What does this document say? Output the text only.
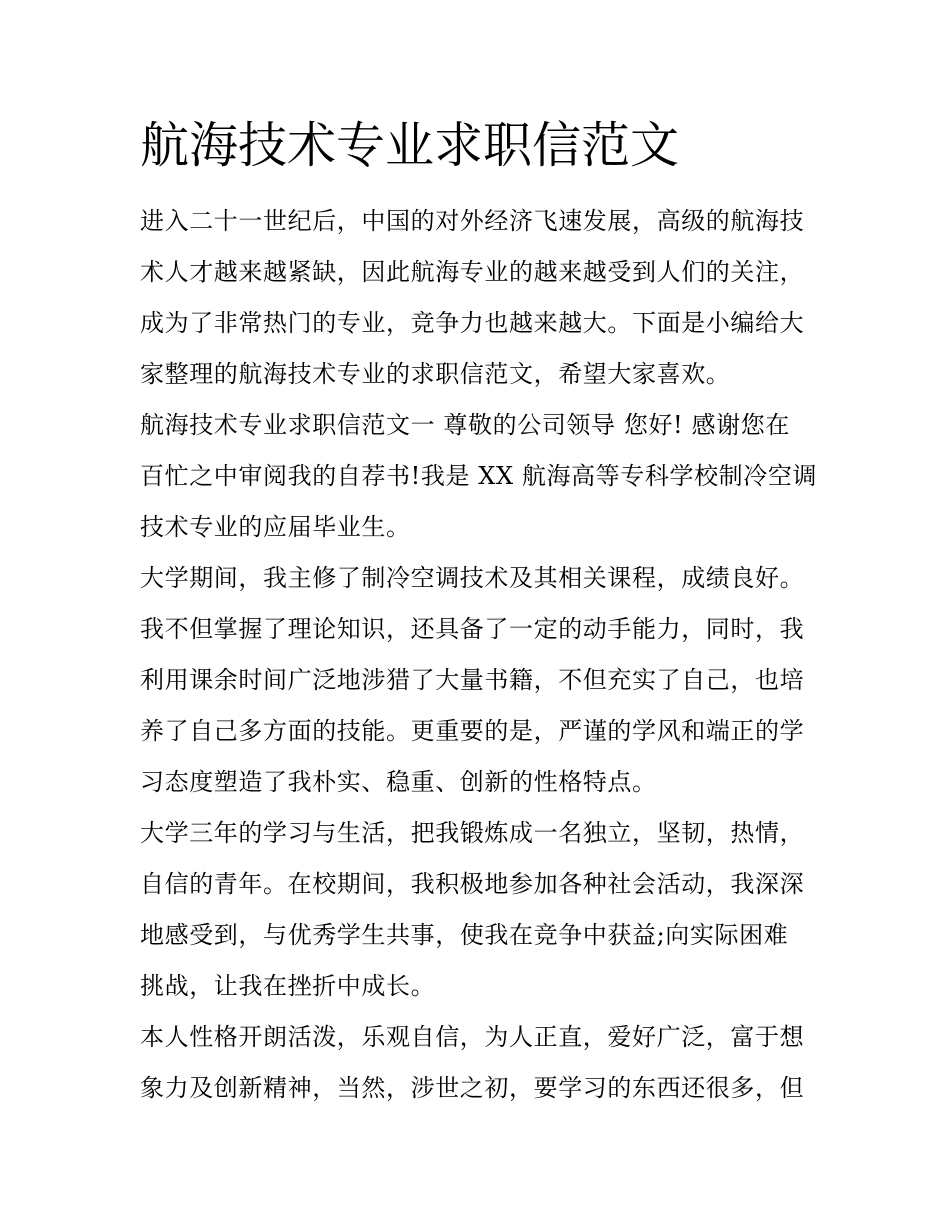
航海技术专业求职信范文
进入二十一世纪后，中国的对外经济飞速发展，高级的航海技
术人才越来越紧缺，因此航海专业的越来越受到人们的关注，
成为了非常热门的专业，竞争力也越来越大。下面是小编给大
家整理的航海技术专业的求职信范文，希望大家喜欢。
航海技术专业求职信范文一 尊敬的公司领导 您好! 感谢您在
百忙之中审阅我的自荐书!我是 XX 航海高等专科学校制冷空调
技术专业的应届毕业生。
大学期间，我主修了制冷空调技术及其相关课程，成绩良好。
我不但掌握了理论知识，还具备了一定的动手能力，同时，我
利用课余时间广泛地涉猎了大量书籍，不但充实了自己，也培
养了自己多方面的技能。更重要的是，严谨的学风和端正的学
习态度塑造了我朴实、稳重、创新的性格特点。
大学三年的学习与生活，把我锻炼成一名独立，坚韧，热情，
自信的青年。在校期间，我积极地参加各种社会活动，我深深
地感受到，与优秀学生共事，使我在竞争中获益;向实际困难
挑战，让我在挫折中成长。
本人性格开朗活泼，乐观自信，为人正直，爱好广泛，富于想
象力及创新精神，当然，涉世之初，要学习的东西还很多，但
